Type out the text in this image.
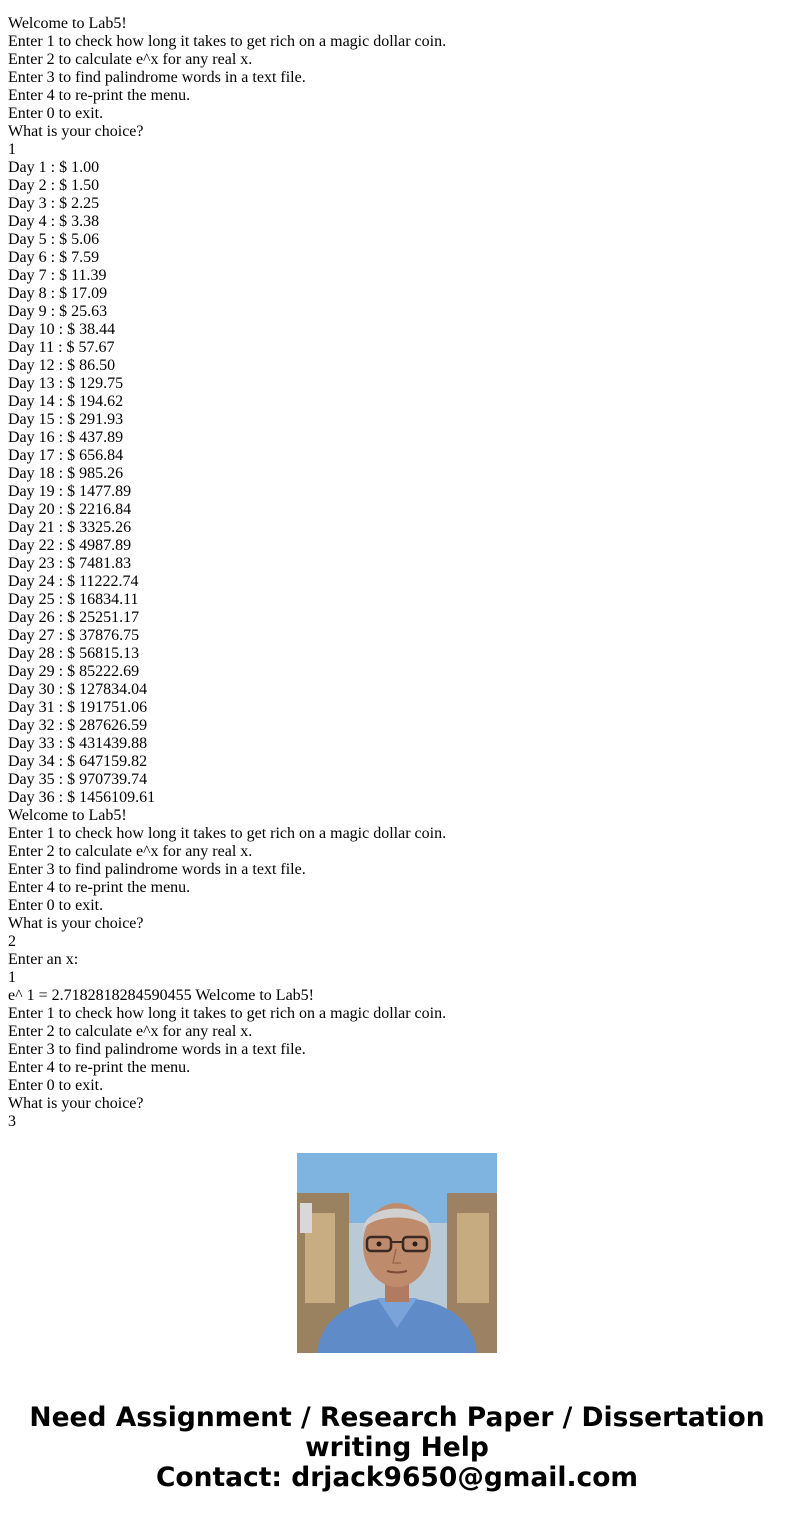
Welcome to Lab5!
Enter 1 to check how long it takes to get rich on a magic dollar coin.
Enter 2 to calculate e^x for any real x.
Enter 3 to find palindrome words in a text file.
Enter 4 to re-print the menu.
Enter 0 to exit.
What is your choice?
1
Day 1 : $ 1.00
Day 2 : $ 1.50
Day 3 : $ 2.25
Day 4 : $ 3.38
Day 5 : $ 5.06
Day 6 : $ 7.59
Day 7 : $ 11.39
Day 8 : $ 17.09
Day 9 : $ 25.63
Day 10 : $ 38.44
Day 11 : $ 57.67
Day 12 : $ 86.50
Day 13 : $ 129.75
Day 14 : $ 194.62
Day 15 : $ 291.93
Day 16 : $ 437.89
Day 17 : $ 656.84
Day 18 : $ 985.26
Day 19 : $ 1477.89
Day 20 : $ 2216.84
Day 21 : $ 3325.26
Day 22 : $ 4987.89
Day 23 : $ 7481.83
Day 24 : $ 11222.74
Day 25 : $ 16834.11
Day 26 : $ 25251.17
Day 27 : $ 37876.75
Day 28 : $ 56815.13
Day 29 : $ 85222.69
Day 30 : $ 127834.04
Day 31 : $ 191751.06
Day 32 : $ 287626.59
Day 33 : $ 431439.88
Day 34 : $ 647159.82
Day 35 : $ 970739.74
Day 36 : $ 1456109.61
Welcome to Lab5!
Enter 1 to check how long it takes to get rich on a magic dollar coin.
Enter 2 to calculate e^x for any real x.
Enter 3 to find palindrome words in a text file.
Enter 4 to re-print the menu.
Enter 0 to exit.
What is your choice?
2
Enter an x:
1
e^ 1 = 2.7182818284590455 Welcome to Lab5!
Enter 1 to check how long it takes to get rich on a magic dollar coin.
Enter 2 to calculate e^x for any real x.
Enter 3 to find palindrome words in a text file.
Enter 4 to re-print the menu.
Enter 0 to exit.
What is your choice?
3
Need Assignment / Research Paper / Dissertation
writing Help
Contact: drjack9650@gmail.com
